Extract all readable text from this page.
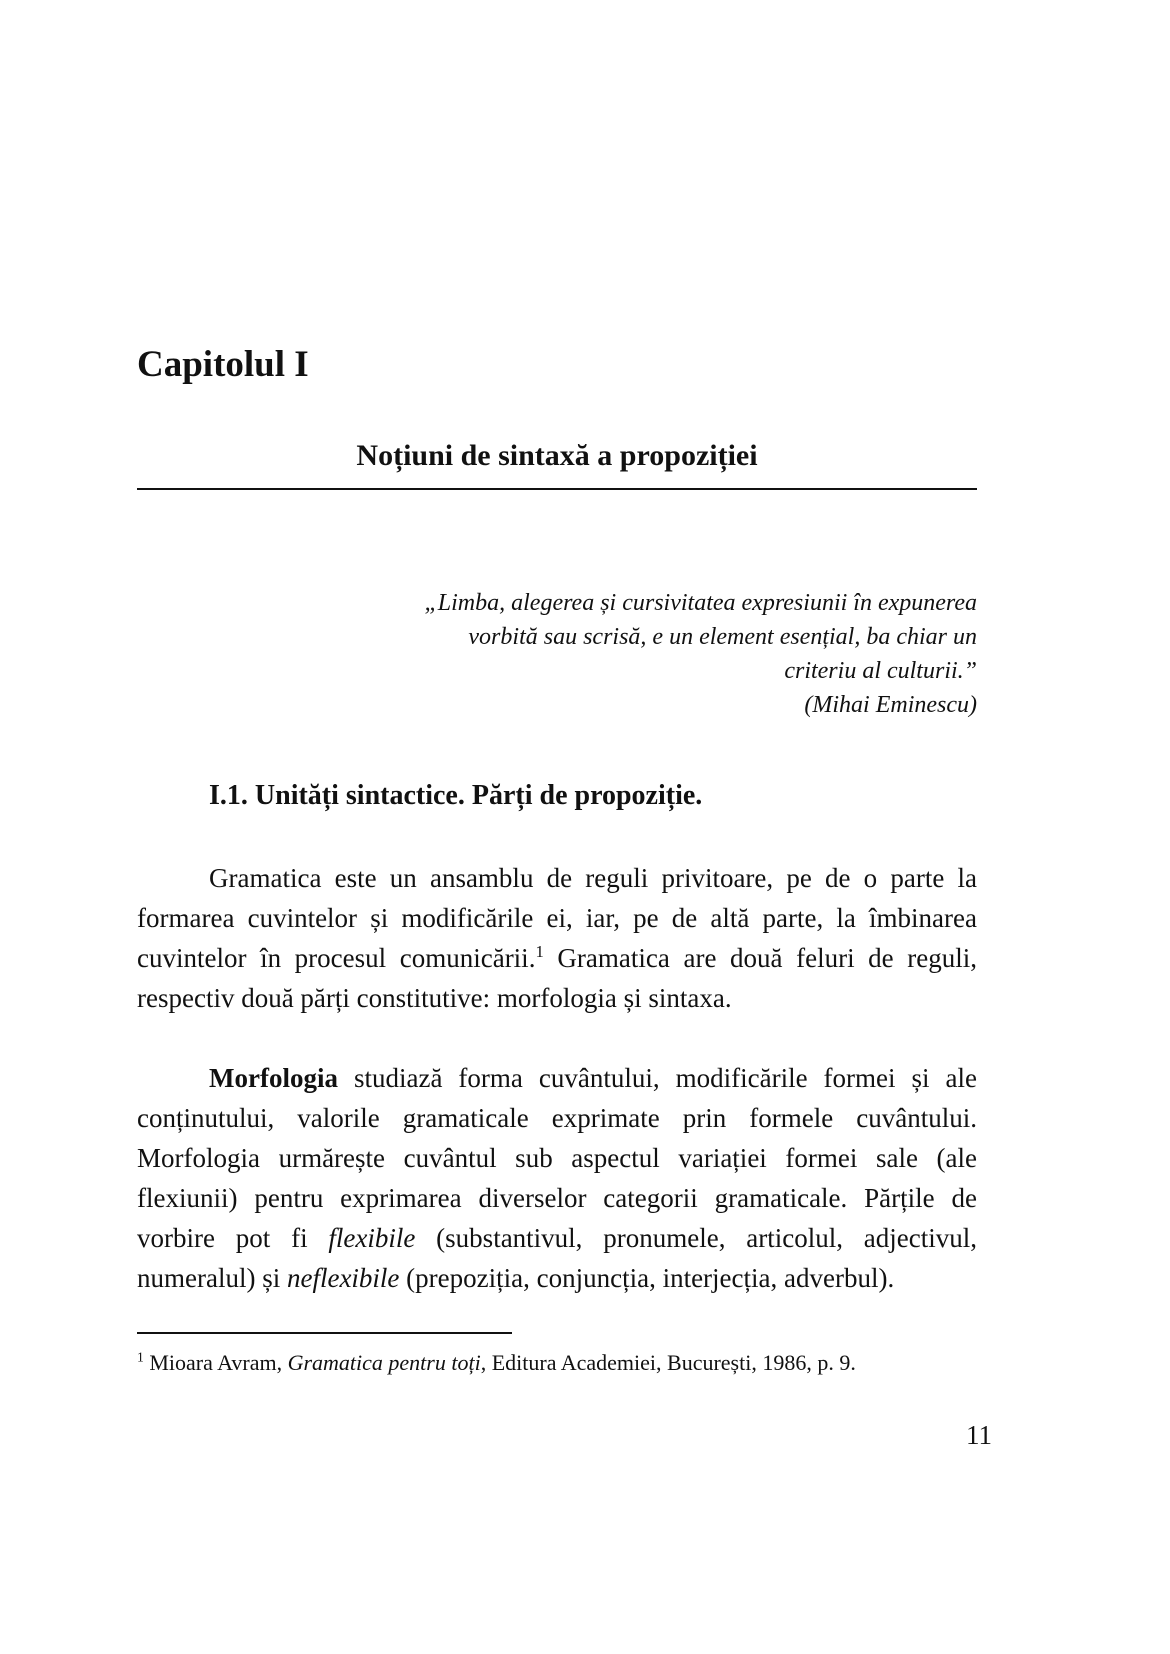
Capitolul I
Noțiuni de sintaxă a propoziției
„Limba, alegerea și cursivitatea expresiunii în expunerea
vorbită sau scrisă, e un element esențial, ba chiar un
criteriu al culturii.”
(Mihai Eminescu)
I.1. Unități sintactice. Părți de propoziție.

Gramatica este un ansamblu de reguli privitoare, pe de o parte la formarea cuvintelor și modificările ei, iar, pe de altă parte, la îmbinarea cuvintelor în procesul comunicării.$^1$ Gramatica are două feluri de reguli, respectiv două părți constitutive: morfologia și sintaxa.

Morfologia studiază forma cuvântului, modificările formei și ale conținutului, valorile gramaticale exprimate prin formele cuvântului. Morfologia urmărește cuvântul sub aspectul variației formei sale (ale flexiunii) pentru exprimarea diverselor categorii gramaticale. Părțile de vorbire pot fi flexibile (substantivul, pronumele, articolul, adjectivul, numeralul) și neflexibile (prepoziția, conjuncția, interjecția, adverbul).

$^1$ Mioara Avram, Gramatica pentru toți, Editura Academiei, București, 1986, p. 9.

11
